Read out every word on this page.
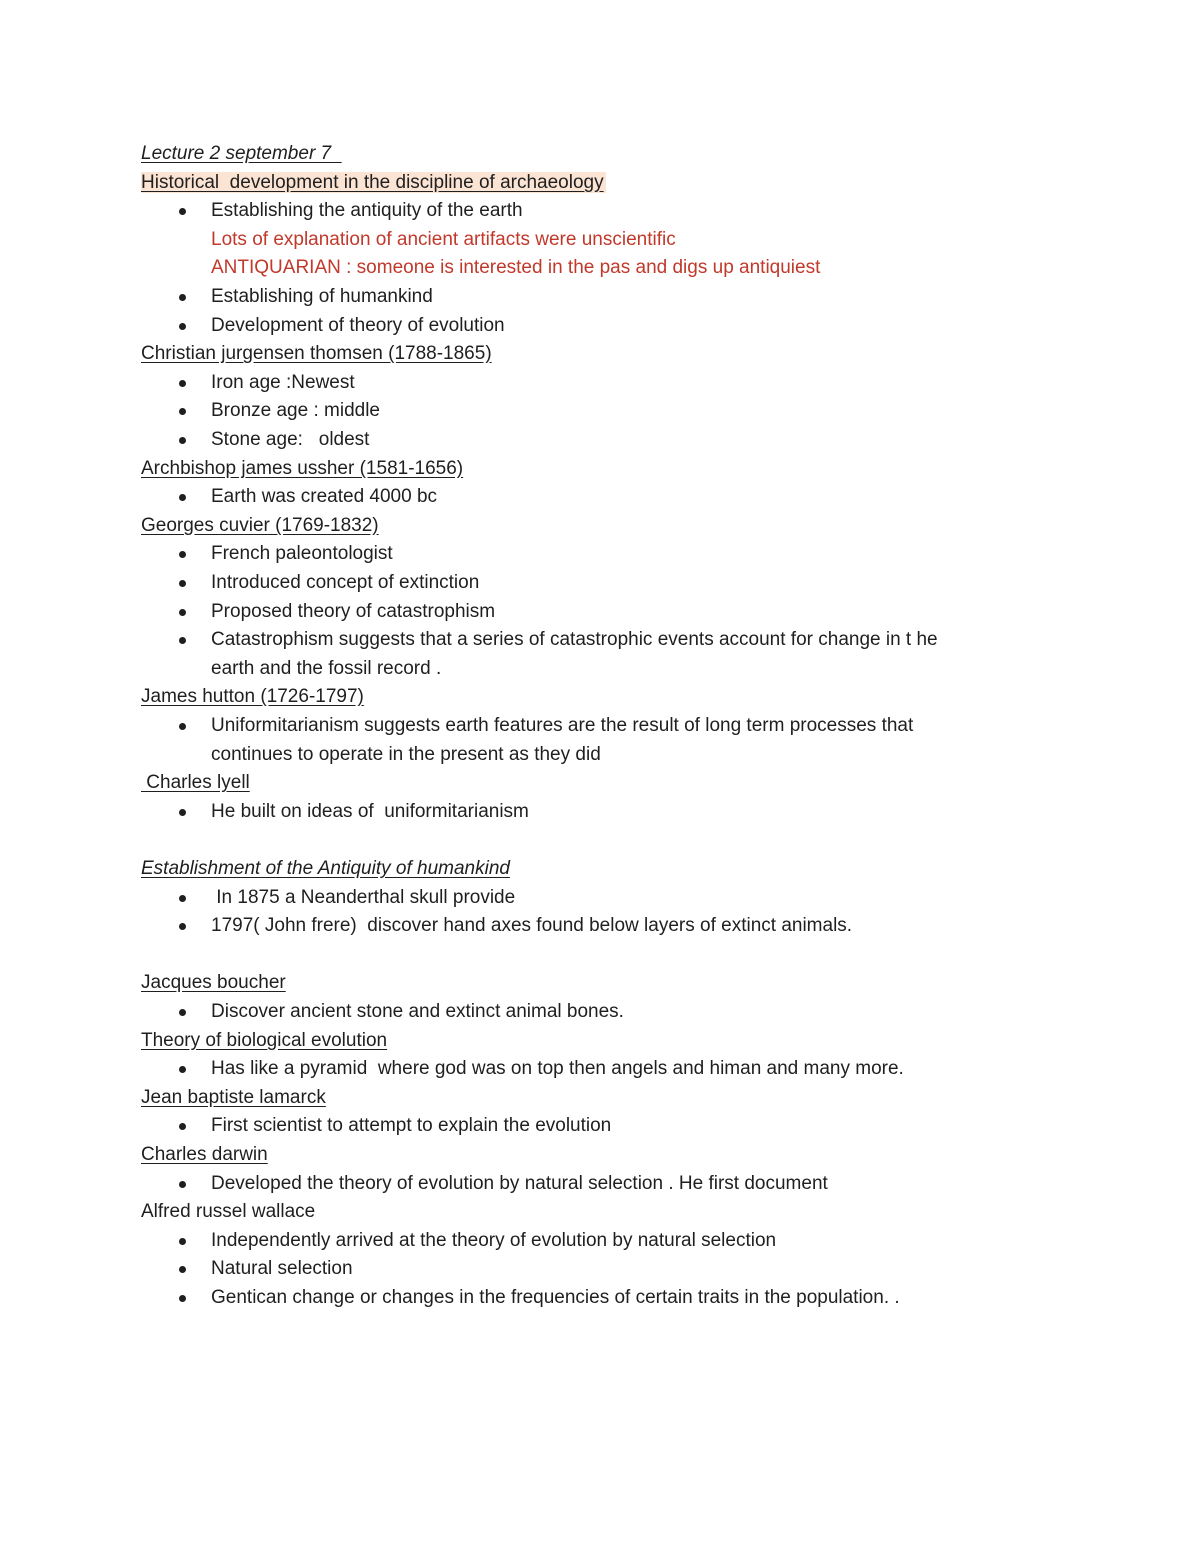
Lecture 2 september 7
Historical  development in the discipline of archaeology
Establishing the antiquity of the earth
Lots of explanation of ancient artifacts were unscientific
ANTIQUARIAN : someone is interested in the pas and digs up antiquiest
Establishing of humankind
Development of theory of evolution
Christian jurgensen thomsen (1788-1865)
Iron age :Newest
Bronze age : middle
Stone age:   oldest
Archbishop james ussher (1581-1656)
Earth was created 4000 bc
Georges cuvier (1769-1832)
French paleontologist
Introduced concept of extinction
Proposed theory of catastrophism
Catastrophism suggests that a series of catastrophic events account for change in t he
earth and the fossil record .
James hutton (1726-1797)
Uniformitarianism suggests earth features are the result of long term processes that
continues to operate in the present as they did
Charles lyell
He built on ideas of  uniformitarianism
Establishment of the Antiquity of humankind
In 1875 a Neanderthal skull provide
1797( John frere)  discover hand axes found below layers of extinct animals.
Jacques boucher
Discover ancient stone and extinct animal bones.
Theory of biological evolution
Has like a pyramid  where god was on top then angels and himan and many more.
Jean baptiste lamarck
First scientist to attempt to explain the evolution
Charles darwin
Developed the theory of evolution by natural selection . He first document
Alfred russel wallace
Independently arrived at the theory of evolution by natural selection
Natural selection
Gentican change or changes in the frequencies of certain traits in the population. .
